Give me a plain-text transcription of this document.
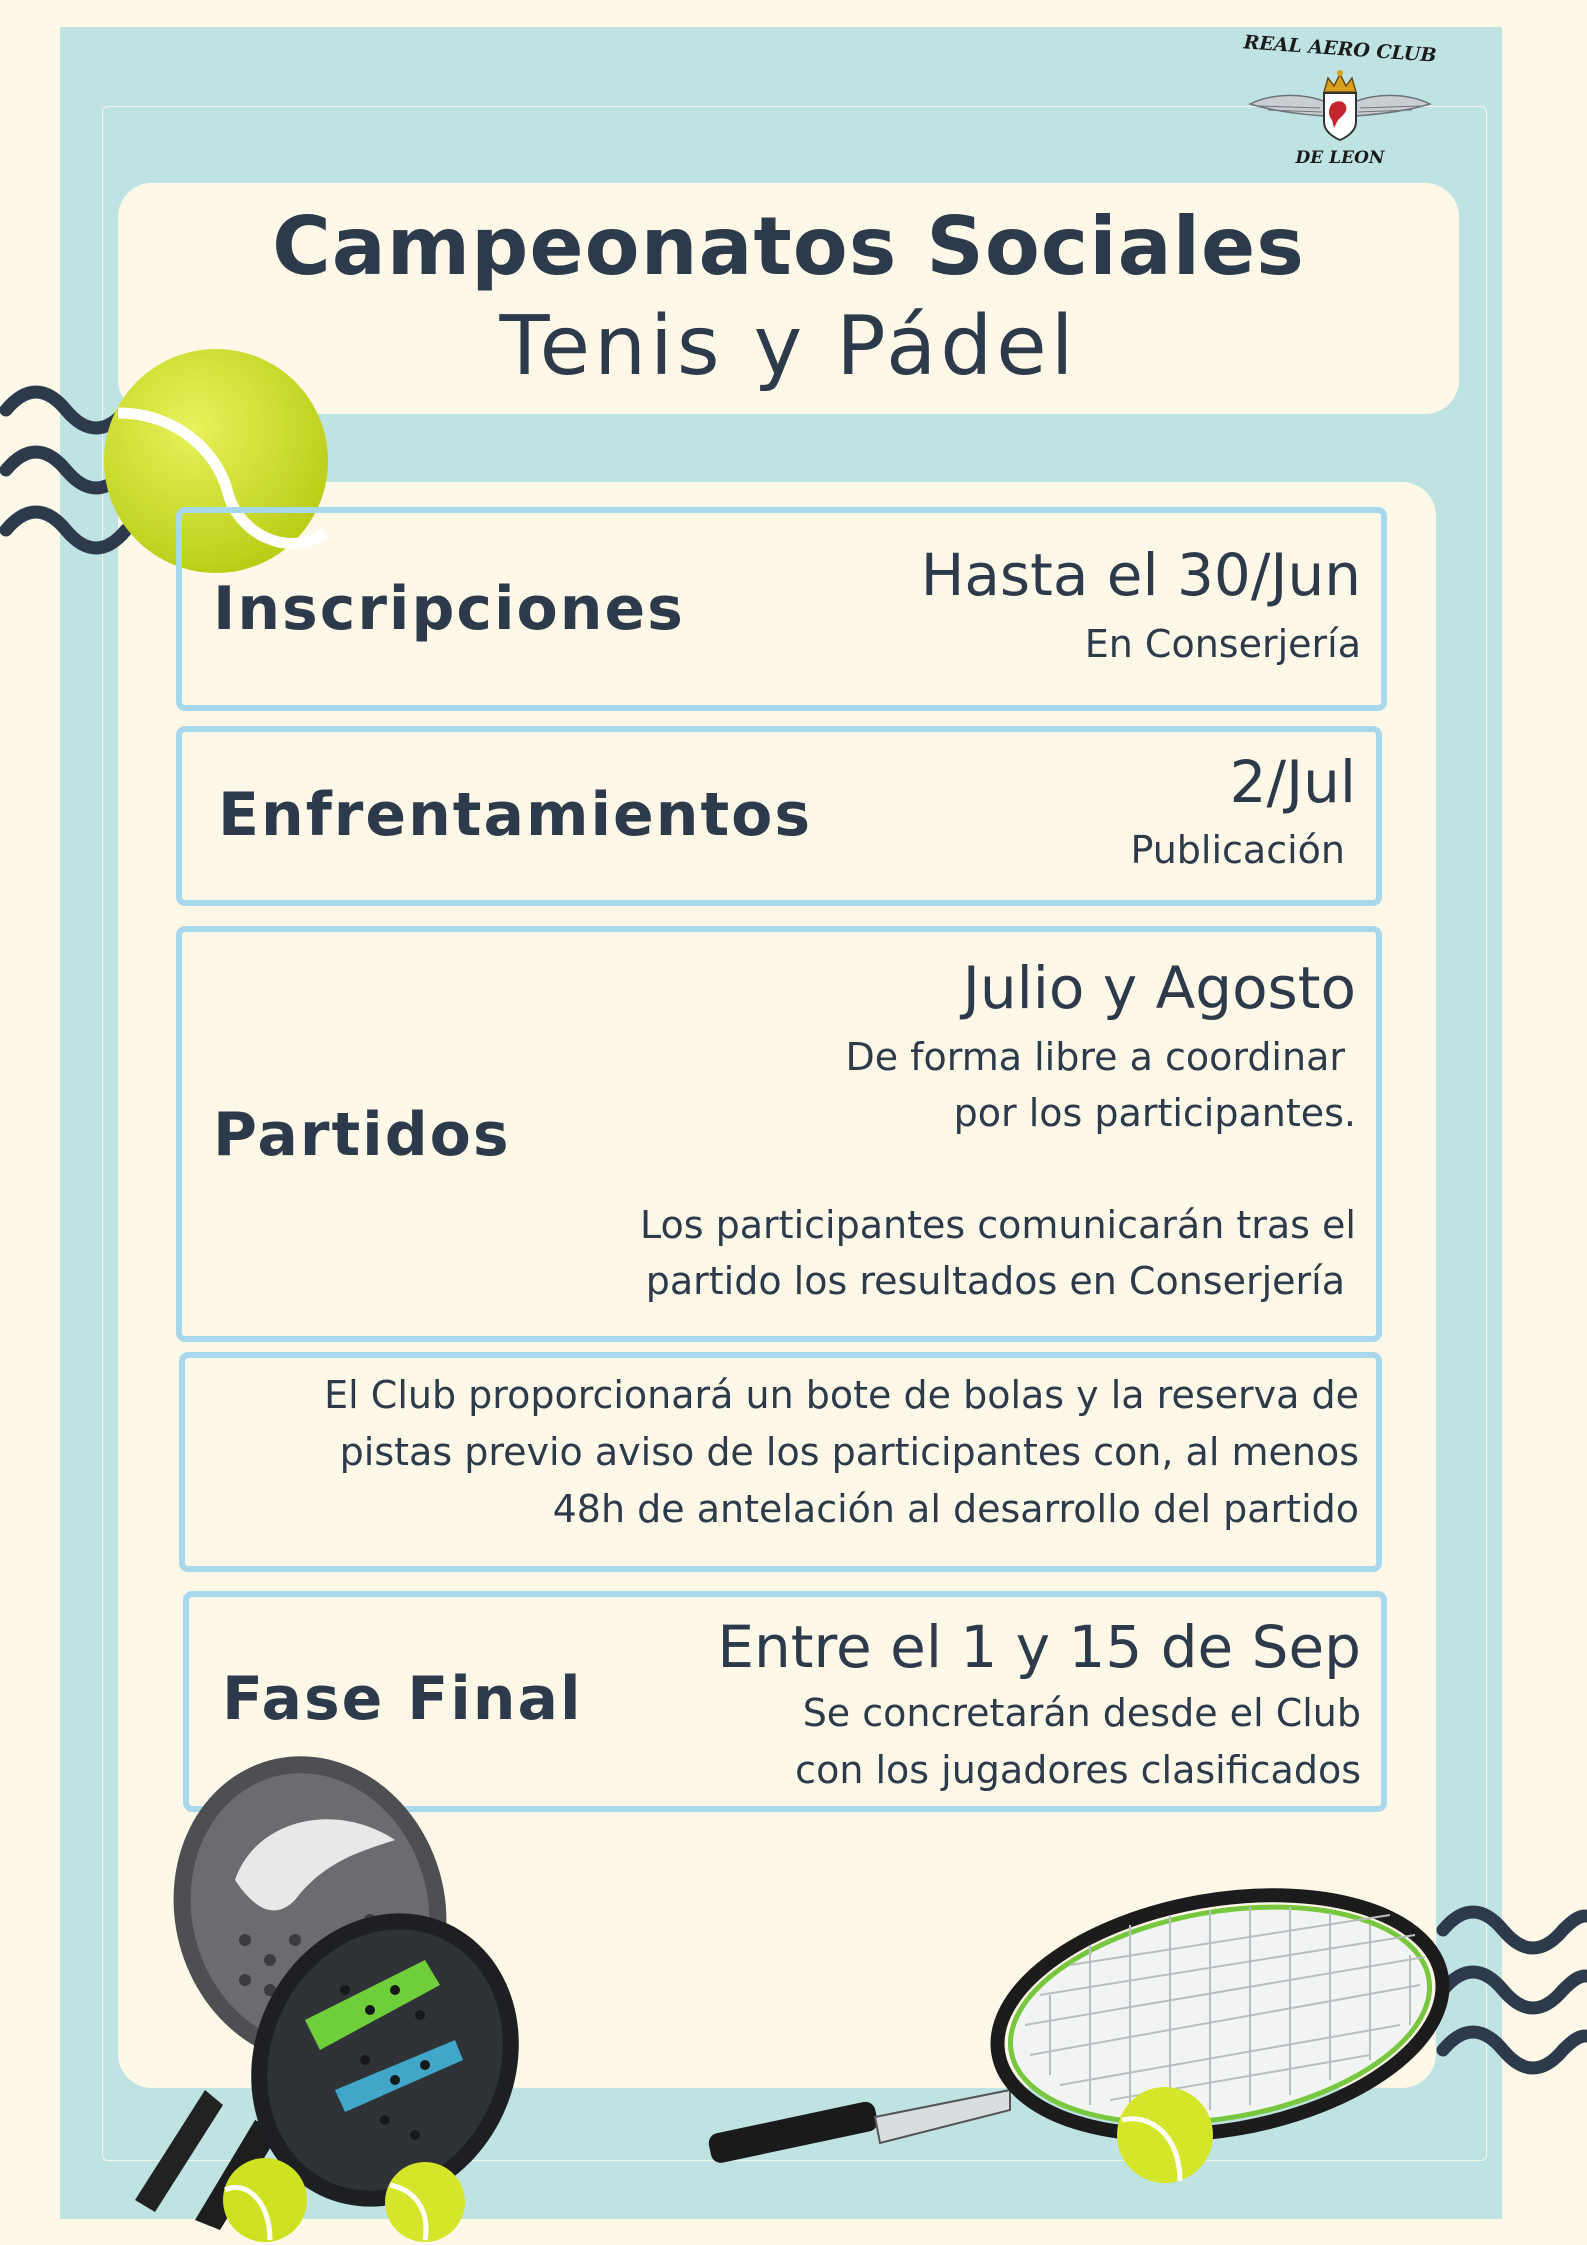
REAL AERO CLUB
DE LEON
Campeonatos Sociales
Tenis y Pádel
Inscripciones	Hasta el 30/Jun
En Conserjería
Enfrentamientos	2/Jul
Publicación
Partidos
Julio y Agosto
De forma libre a coordinar
por los participantes.
Los participantes comunicarán tras el
partido los resultados en Conserjería
El Club proporcionará un bote de bolas y la reserva de
pistas previo aviso de los participantes con, al menos
48h de antelación al desarrollo del partido
Fase Final
Entre el 1 y 15 de Sep
Se concretarán desde el Club
con los jugadores clasificados
